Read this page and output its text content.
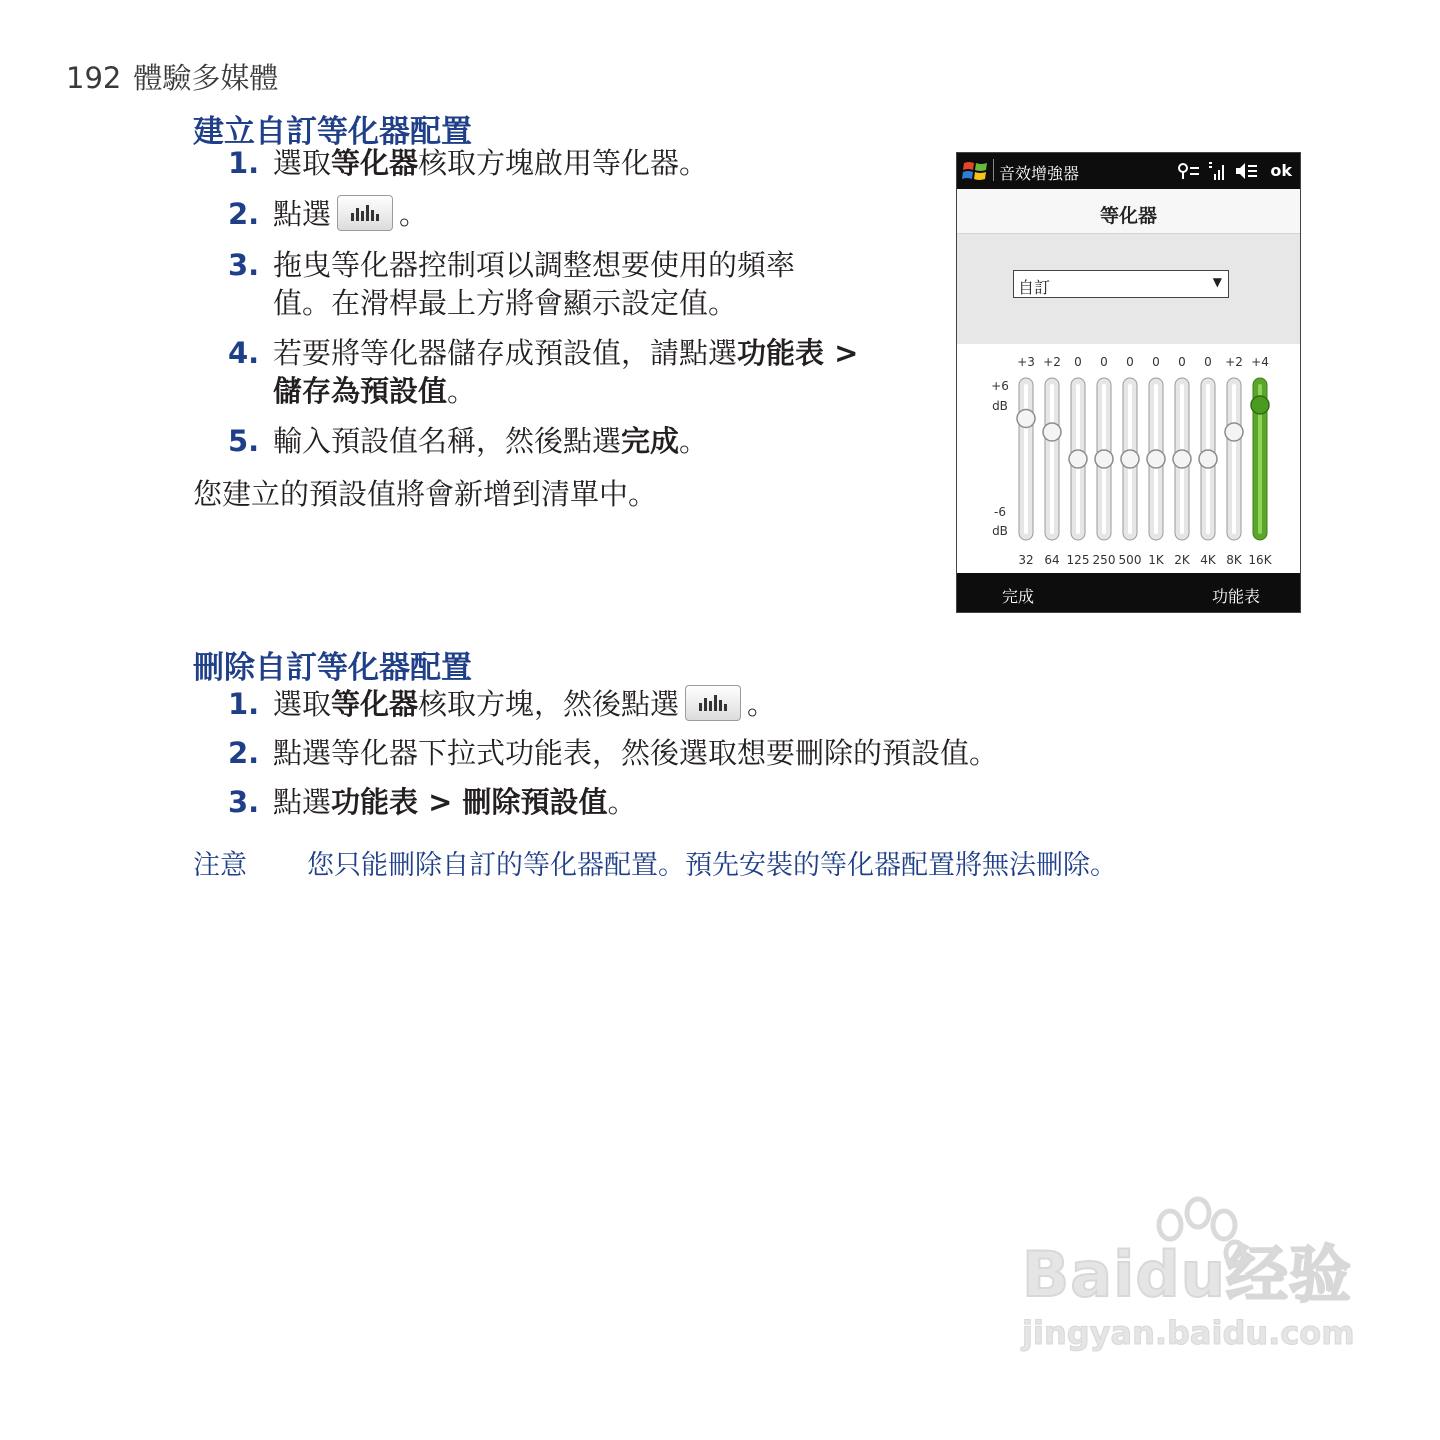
192 體驗多媒體
建立自訂等化器配置
1. 選取等化器核取方塊啟用等化器。
2. 點選 。
3. 拖曳等化器控制項以調整想要使用的頻率
值。在滑桿最上方將會顯示設定值。
4. 若要將等化器儲存成預設值，請點選功能表 >
儲存為預設值。
5. 輸入預設值名稱，然後點選完成。
您建立的預設值將會新增到清單中。
音效增強器	ok
等化器
自訂	▼
+6
dB
-6
dB
+3
32
+2
64
0
125
0
250
0
500
0
1K
0
2K
0
4K
+2
8K
+4
16K
完成	功能表
刪除自訂等化器配置
1. 選取等化器核取方塊，然後點選 。
2. 點選等化器下拉式功能表，然後選取想要刪除的預設值。
3. 點選功能表 > 刪除預設值。
注意 您只能刪除自訂的等化器配置。預先安裝的等化器配置將無法刪除。
Baidu经验
jingyan.baidu.com
